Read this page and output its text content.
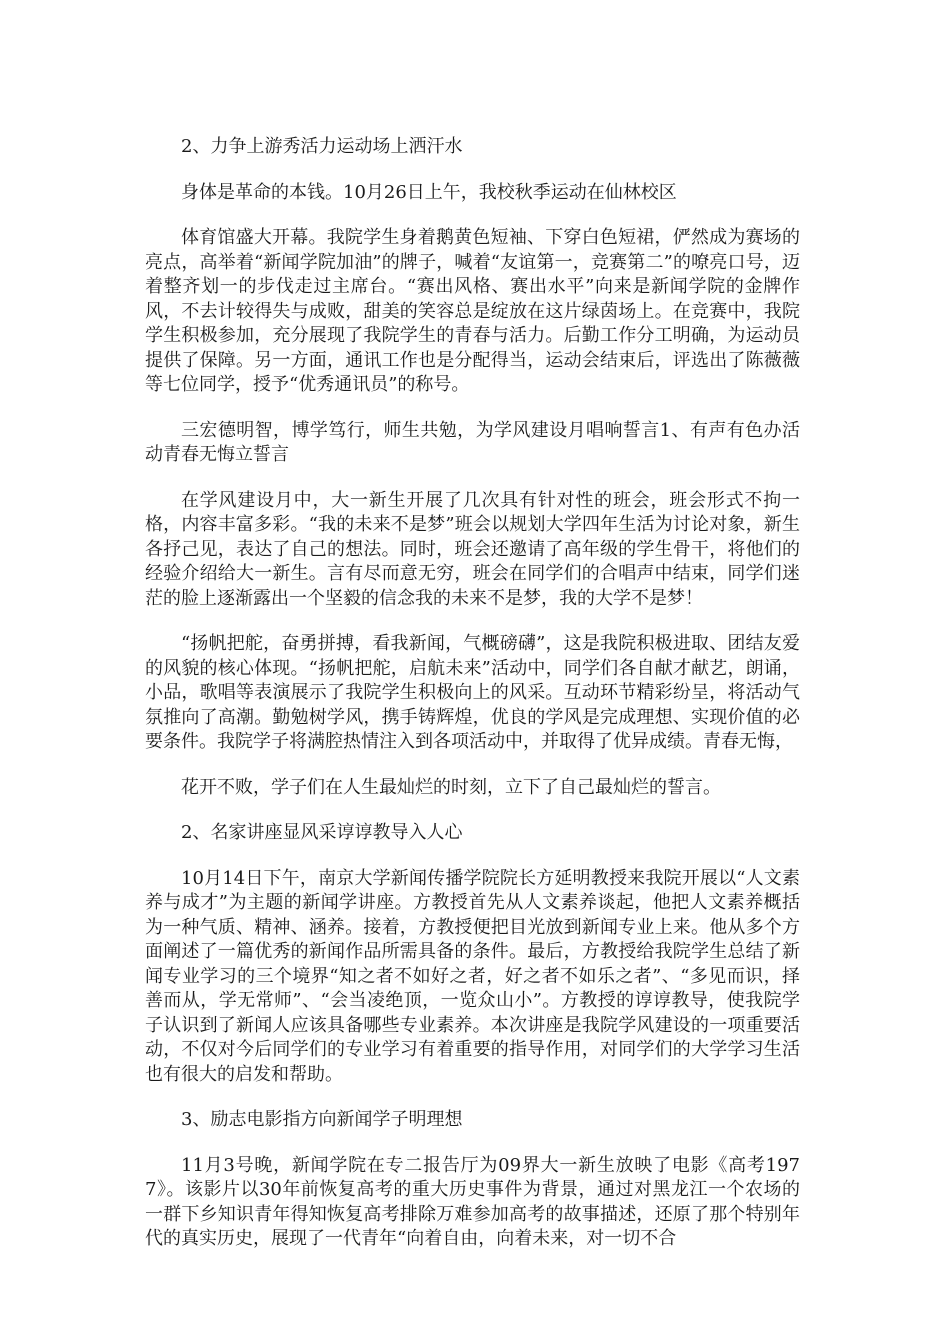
2、力争上游秀活力运动场上洒汗水

身体是革命的本钱。10月26日上午，我校秋季运动在仙林校区

体育馆盛大开幕。我院学生身着鹅黄色短袖、下穿白色短裙，俨然成为赛场的亮点，高举着“新闻学院加油”的牌子，喊着“友谊第一，竞赛第二”的嘹亮口号，迈着整齐划一的步伐走过主席台。“赛出风格、赛出水平”向来是新闻学院的金牌作风，不去计较得失与成败，甜美的笑容总是绽放在这片绿茵场上。在竞赛中，我院学生积极参加，充分展现了我院学生的青春与活力。后勤工作分工明确，为运动员提供了保障。另一方面，通讯工作也是分配得当，运动会结束后，评选出了陈薇薇等七位同学，授予“优秀通讯员”的称号。

三宏德明智，博学笃行，师生共勉，为学风建设月唱响誓言1、有声有色办活动青春无悔立誓言

在学风建设月中，大一新生开展了几次具有针对性的班会，班会形式不拘一格，内容丰富多彩。“我的未来不是梦”班会以规划大学四年生活为讨论对象，新生各抒己见，表达了自己的想法。同时，班会还邀请了高年级的学生骨干，将他们的经验介绍给大一新生。言有尽而意无穷，班会在同学们的合唱声中结束，同学们迷茫的脸上逐渐露出一个坚毅的信念我的未来不是梦，我的大学不是梦！

“扬帆把舵，奋勇拼搏，看我新闻，气概磅礴”，这是我院积极进取、团结友爱的风貌的核心体现。“扬帆把舵，启航未来”活动中，同学们各自献才献艺，朗诵，小品，歌唱等表演展示了我院学生积极向上的风采。互动环节精彩纷呈，将活动气氛推向了高潮。勤勉树学风，携手铸辉煌，优良的学风是完成理想、实现价值的必要条件。我院学子将满腔热情注入到各项活动中，并取得了优异成绩。青春无悔，

花开不败，学子们在人生最灿烂的时刻，立下了自己最灿烂的誓言。

2、名家讲座显风采谆谆教导入人心

10月14日下午，南京大学新闻传播学院院长方延明教授来我院开展以“人文素养与成才”为主题的新闻学讲座。方教授首先从人文素养谈起，他把人文素养概括为一种气质、精神、涵养。接着，方教授便把目光放到新闻专业上来。他从多个方面阐述了一篇优秀的新闻作品所需具备的条件。最后，方教授给我院学生总结了新闻专业学习的三个境界“知之者不如好之者，好之者不如乐之者”、“多见而识，择善而从，学无常师”、“会当凌绝顶，一览众山小”。方教授的谆谆教导，使我院学子认识到了新闻人应该具备哪些专业素养。本次讲座是我院学风建设的一项重要活动，不仅对今后同学们的专业学习有着重要的指导作用，对同学们的大学学习生活也有很大的启发和帮助。

3、励志电影指方向新闻学子明理想

11月3号晚，新闻学院在专二报告厅为09界大一新生放映了电影《高考1977》。该影片以30年前恢复高考的重大历史事件为背景，通过对黑龙江一个农场的一群下乡知识青年得知恢复高考排除万难参加高考的故事描述，还原了那个特别年代的真实历史，展现了一代青年“向着自由，向着未来，对一切不合
